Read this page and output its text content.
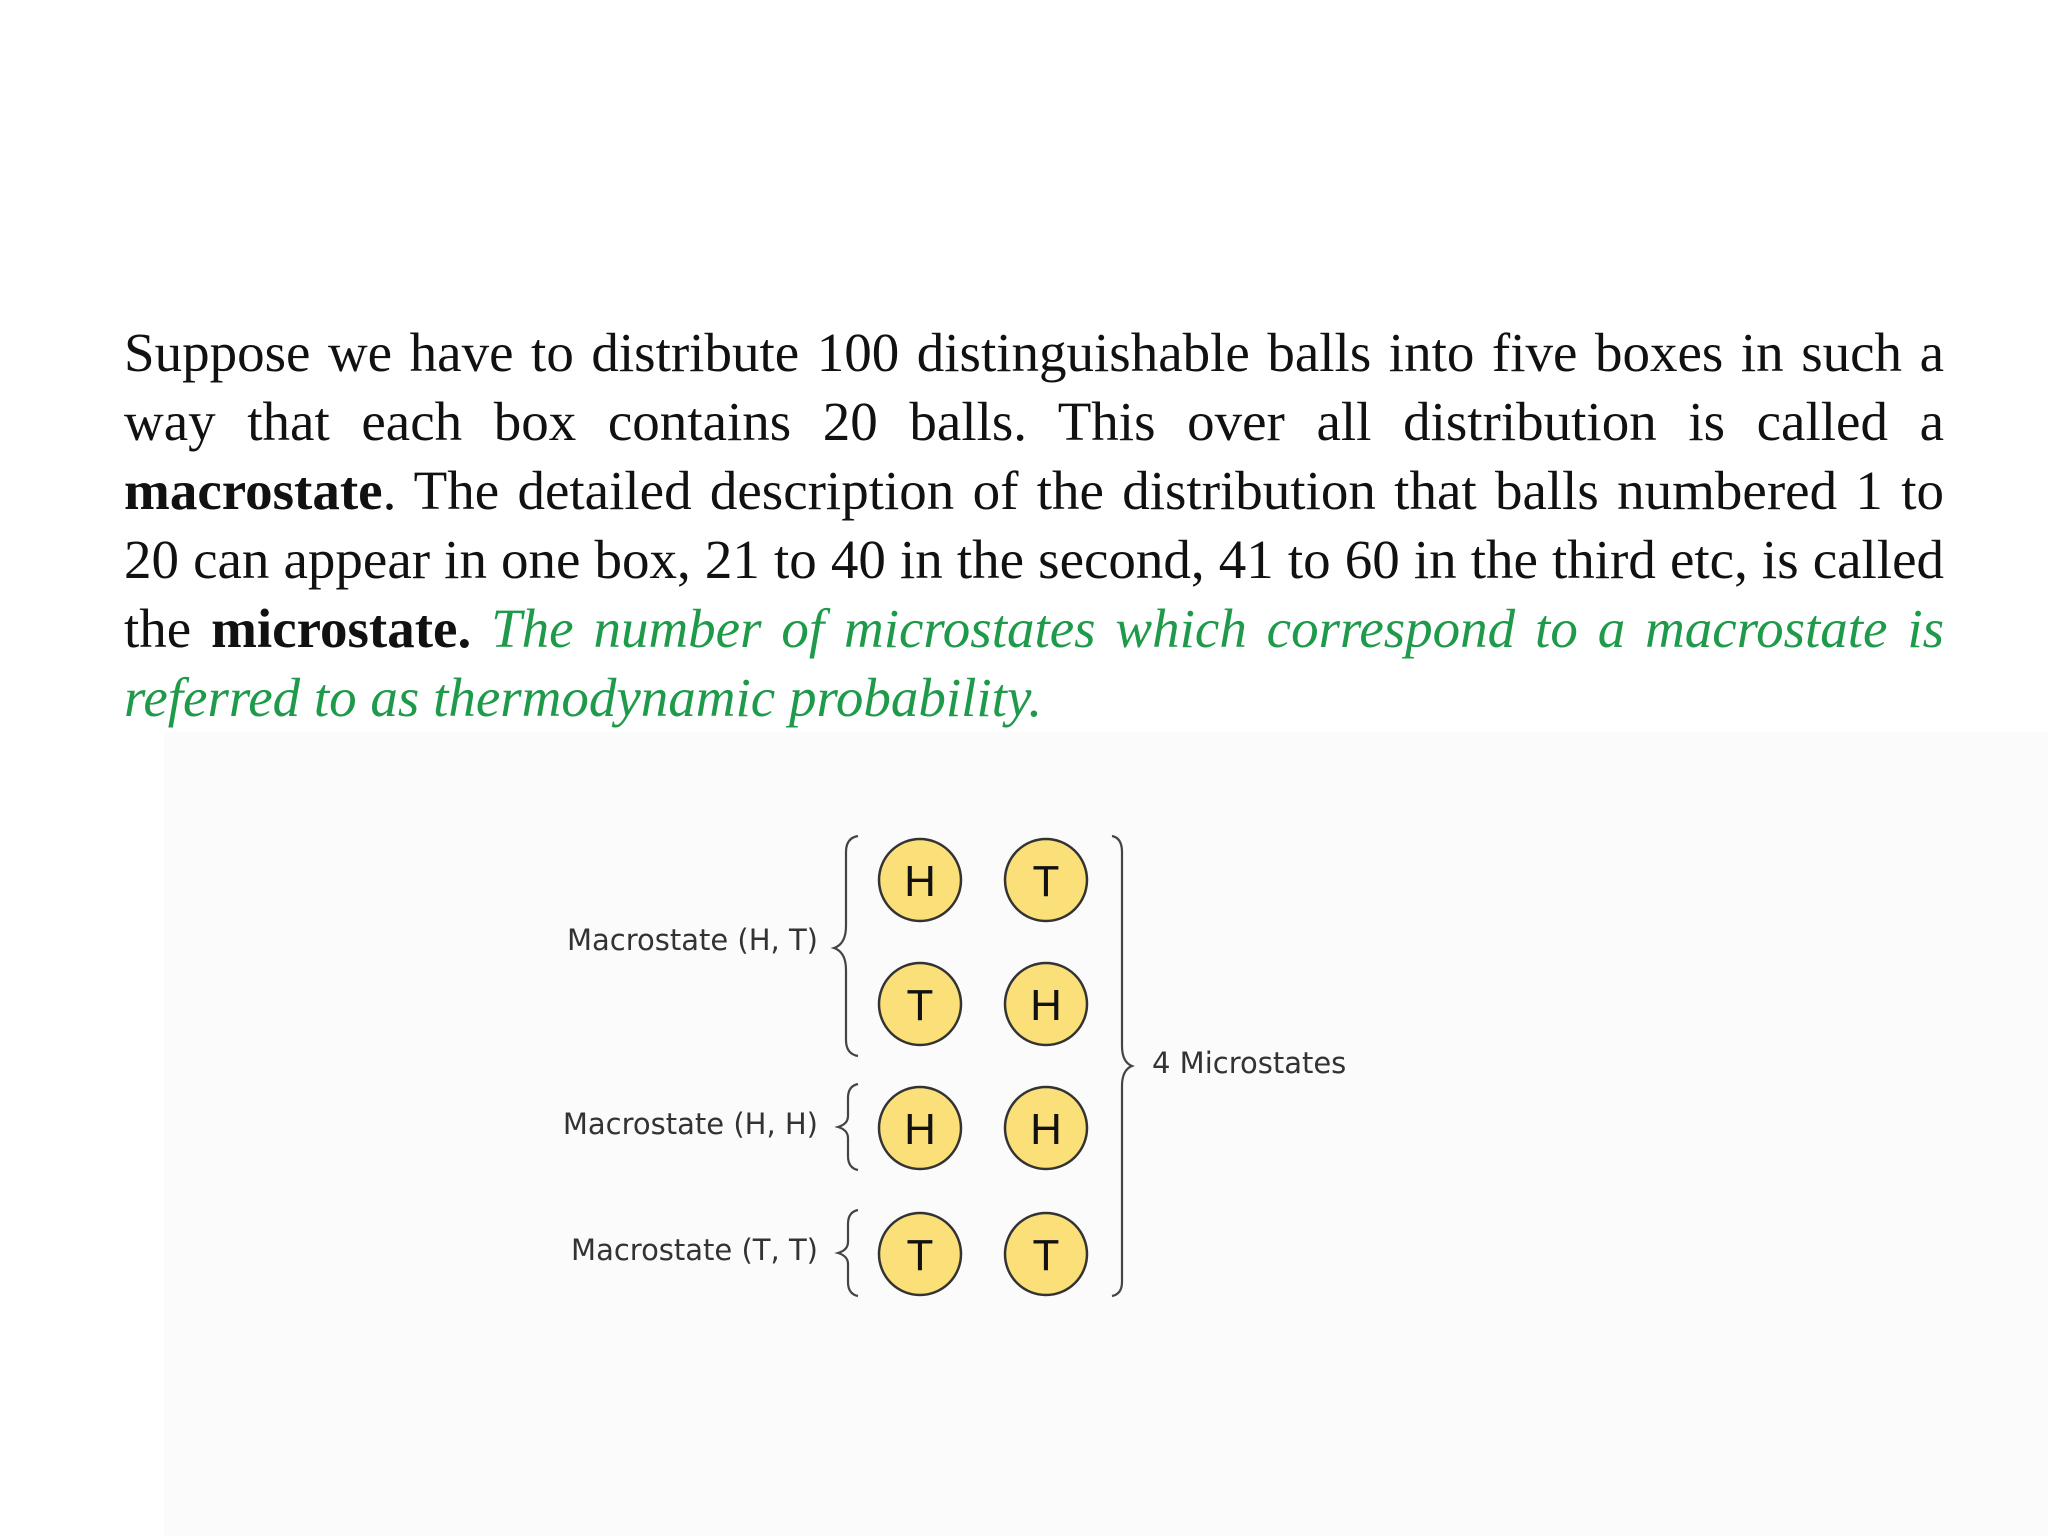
Suppose we have to distribute 100 distinguishable balls into five boxes in such a way that each box contains 20 balls. This over all distribution is called a macrostate. The detailed description of the distribution that balls numbered 1 to 20 can appear in one box, 21 to 40 in the second, 41 to 60 in the third etc, is called the microstate. The number of microstates which correspond to a macrostate is referred to as thermodynamic probability.
Macrostate (H, T)
H T
T H
Macrostate (H, H) H H
Macrostate (T, T) T T
4 Microstates
